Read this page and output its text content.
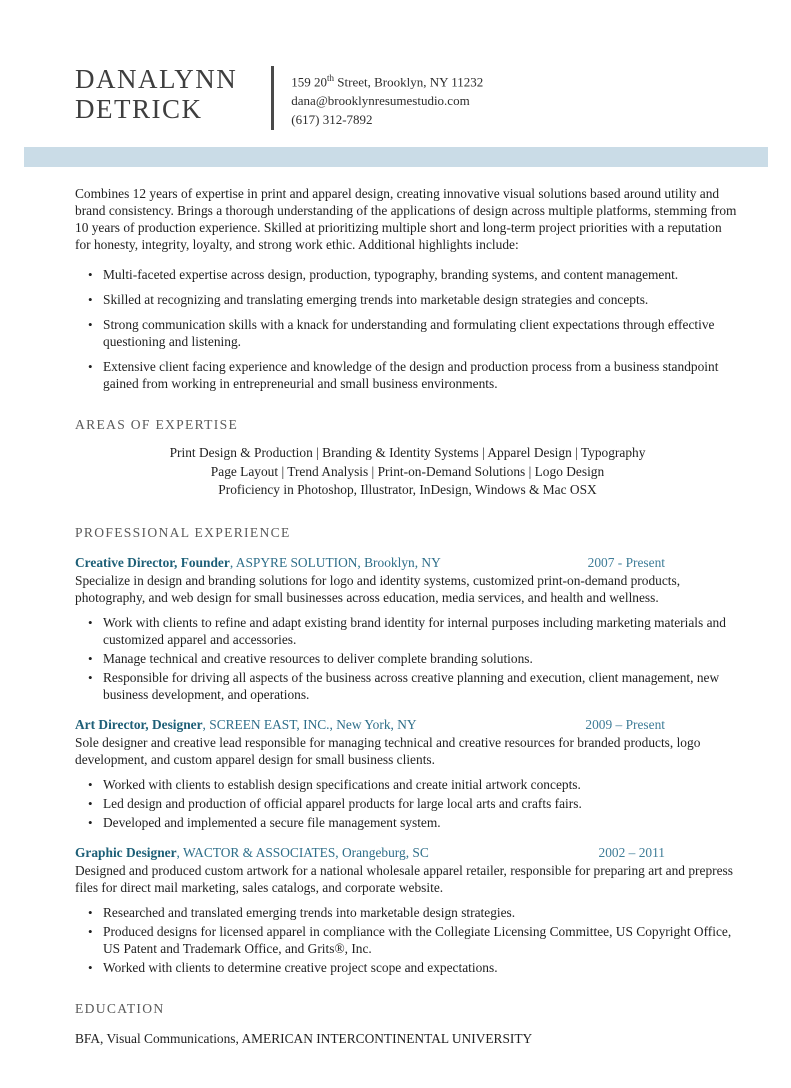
DANALYNN
DETRICK
159 20th Street, Brooklyn, NY 11232
dana@brooklynresumestudio.com
(617) 312-7892

Combines 12 years of expertise in print and apparel design, creating innovative visual solutions based around utility and brand consistency. Brings a thorough understanding of the applications of design across multiple platforms, stemming from 10 years of production experience. Skilled at prioritizing multiple short and long-term project priorities with a reputation for honesty, integrity, loyalty, and strong work ethic. Additional highlights include:

• Multi-faceted expertise across design, production, typography, branding systems, and content management.
• Skilled at recognizing and translating emerging trends into marketable design strategies and concepts.
• Strong communication skills with a knack for understanding and formulating client expectations through effective questioning and listening.
• Extensive client facing experience and knowledge of the design and production process from a business standpoint gained from working in entrepreneurial and small business environments.
AREAS OF EXPERTISE
Print Design & Production | Branding & Identity Systems | Apparel Design | Typography
Page Layout | Trend Analysis | Print-on-Demand Solutions | Logo Design
Proficiency in Photoshop, Illustrator, InDesign, Windows & Mac OSX
PROFESSIONAL EXPERIENCE
Creative Director, Founder , ASPYRE SOLUTION, Brooklyn, NY	2007 - Present
Specialize in design and branding solutions for logo and identity systems, customized print-on-demand products, photography, and web design for small businesses across education, media services, and health and wellness.
• Work with clients to refine and adapt existing brand identity for internal purposes including marketing materials and customized apparel and accessories.
• Manage technical and creative resources to deliver complete branding solutions.
• Responsible for driving all aspects of the business across creative planning and execution, client management, new business development, and operations.
Art Director, Designer , SCREEN EAST, INC., New York, NY	2009 – Present
Sole designer and creative lead responsible for managing technical and creative resources for branded products, logo development, and custom apparel design for small business clients.
• Worked with clients to establish design specifications and create initial artwork concepts.
• Led design and production of official apparel products for large local arts and crafts fairs.
• Developed and implemented a secure file management system.
Graphic Designer , WACTOR & ASSOCIATES, Orangeburg, SC	2002 – 2011
Designed and produced custom artwork for a national wholesale apparel retailer, responsible for preparing art and prepress files for direct mail marketing, sales catalogs, and corporate website.
• Researched and translated emerging trends into marketable design strategies.
• Produced designs for licensed apparel in compliance with the Collegiate Licensing Committee, US Copyright Office, US Patent and Trademark Office, and Grits®, Inc.
• Worked with clients to determine creative project scope and expectations.
EDUCATION
BFA, Visual Communications, AMERICAN INTERCONTINENTAL UNIVERSITY
